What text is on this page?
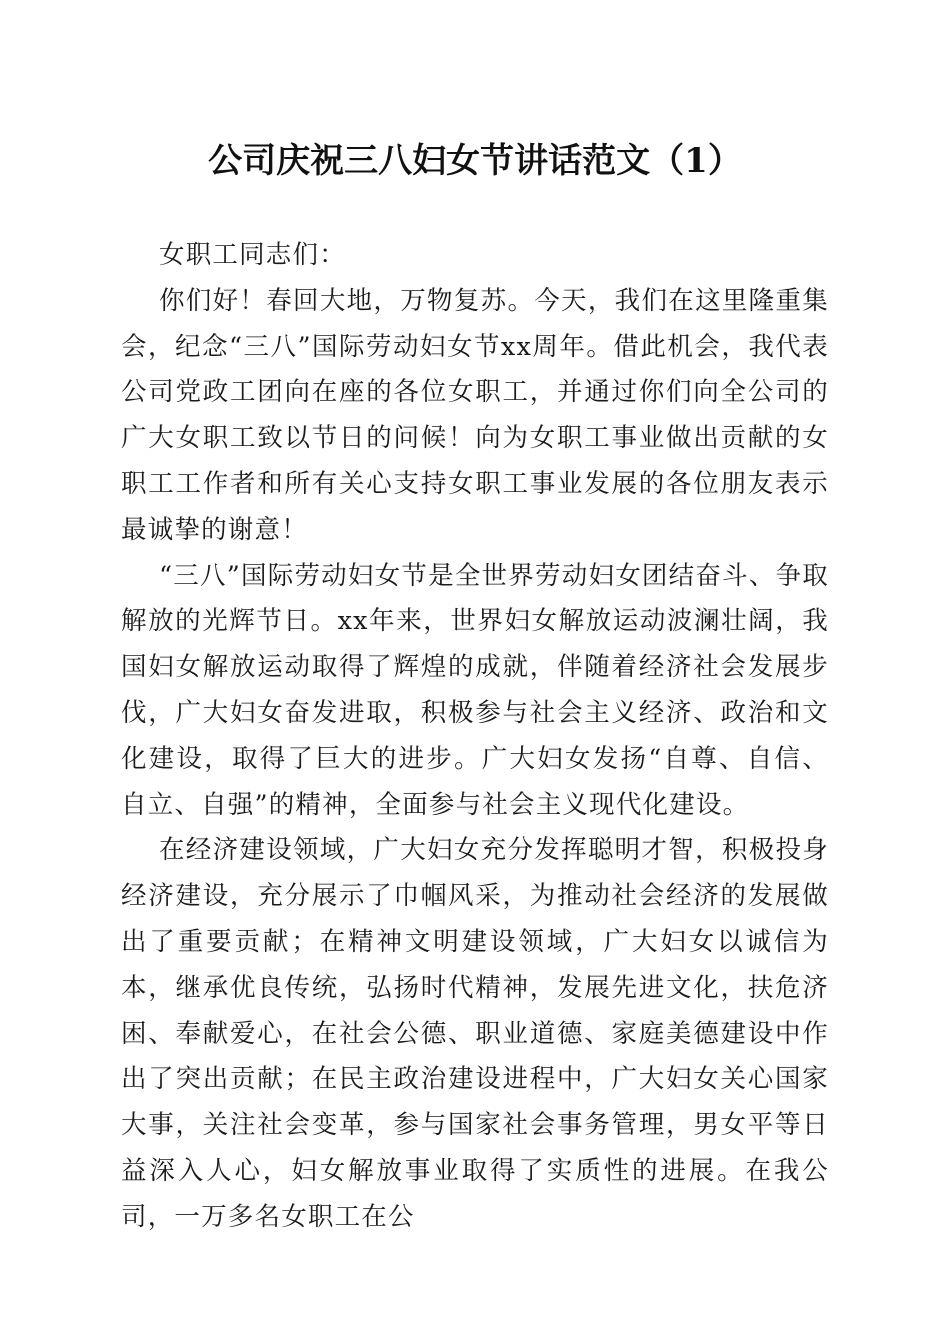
公司庆祝三八妇女节讲话范文（1）

女职工同志们：

你们好！春回大地，万物复苏。今天，我们在这里隆重集会，纪念“三八”国际劳动妇女节xx周年。借此机会，我代表公司党政工团向在座的各位女职工，并通过你们向全公司的广大女职工致以节日的问候！向为女职工事业做出贡献的女职工工作者和所有关心支持女职工事业发展的各位朋友表示最诚挚的谢意！

“三八”国际劳动妇女节是全世界劳动妇女团结奋斗、争取解放的光辉节日。xx年来，世界妇女解放运动波澜壮阔，我国妇女解放运动取得了辉煌的成就，伴随着经济社会发展步伐，广大妇女奋发进取，积极参与社会主义经济、政治和文化建设，取得了巨大的进步。广大妇女发扬“自尊、自信、自立、自强”的精神，全面参与社会主义现代化建设。

在经济建设领域，广大妇女充分发挥聪明才智，积极投身经济建设，充分展示了巾帼风采，为推动社会经济的发展做出了重要贡献；在精神文明建设领域，广大妇女以诚信为本，继承优良传统，弘扬时代精神，发展先进文化，扶危济困、奉献爱心，在社会公德、职业道德、家庭美德建设中作出了突出贡献；在民主政治建设进程中，广大妇女关心国家大事，关注社会变革，参与国家社会事务管理，男女平等日益深入人心，妇女解放事业取得了实质性的进展。在我公司，一万多名女职工在公
